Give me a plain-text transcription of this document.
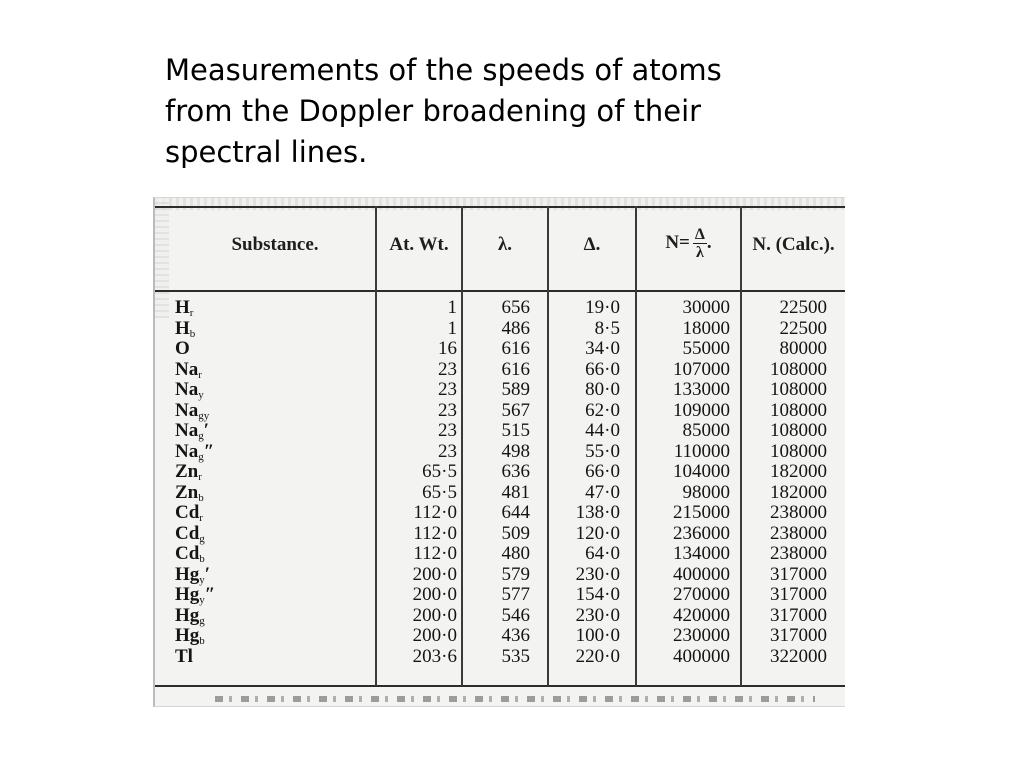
Measurements of the speeds of atoms
from the Doppler broadening of their
spectral lines.
Substance.	At. Wt.	λ.	Δ.	$N= \frac{\Delta}{\lambda}$ .	N. (Calc.).
$H_r$	1	656	19·0	30000	22500
$H_b$	1	486	8·5	18000	22500
O	16	616	34·0	55000	80000
$Na_r$	23	616	66·0	107000	108000
$Na_y$	23	589	80·0	133000	108000
$Na_{gy}$	23	567	62·0	109000	108000
$Na_g'$	23	515	44·0	85000	108000
$Na_g''$	23	498	55·0	110000	108000
$Zn_r$	65·5	636	66·0	104000	182000
$Zn_b$	65·5	481	47·0	98000	182000
$Cd_r$	112·0	644	138·0	215000	238000
$Cd_g$	112·0	509	120·0	236000	238000
$Cd_b$	112·0	480	64·0	134000	238000
$Hg_y'$	200·0	579	230·0	400000	317000
$Hg_y''$	200·0	577	154·0	270000	317000
$Hg_g$	200·0	546	230·0	420000	317000
$Hg_b$	200·0	436	100·0	230000	317000
Tl	203·6	535	220·0	400000	322000
